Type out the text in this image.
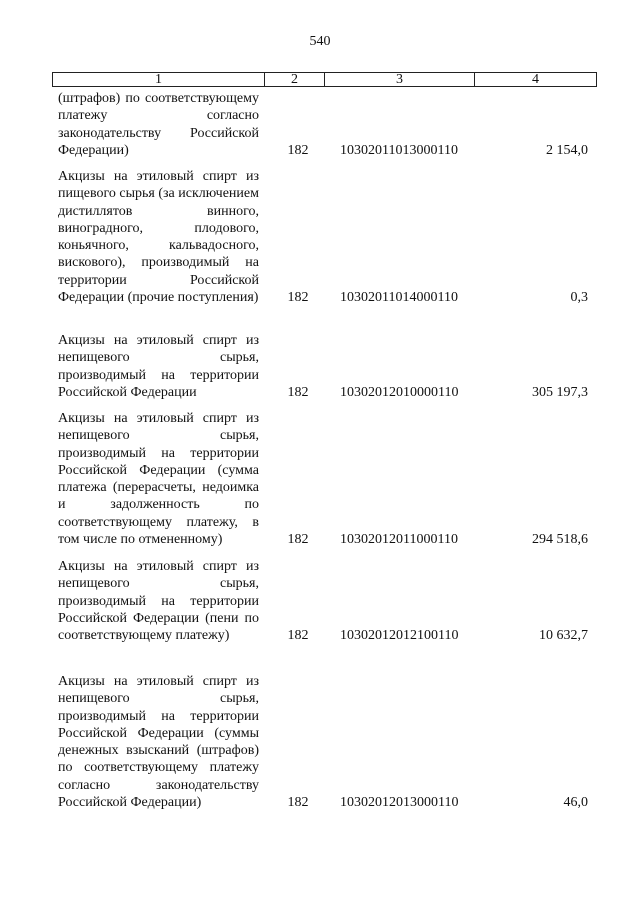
540
1	2	3	4
(штрафов) по соответствующему платежу согласно законодательству Российской Федерации)	182	10302011013000110	2 154,0
Акцизы на этиловый спирт из пищевого сырья (за исключением дистиллятов винного, виноградного, плодового, коньячного, кальвадосного, вискового), производимый на территории Российской Федерации (прочие поступления)	182	10302011014000110	0,3
Акцизы на этиловый спирт из непищевого сырья, производимый на территории Российской Федерации	182	10302012010000110	305 197,3
Акцизы на этиловый спирт из непищевого сырья, производимый на территории Российской Федерации (сумма платежа (перерасчеты, недоимка и задолженность по соответствующему платежу, в том числе по отмененному)	182	10302012011000110	294 518,6
Акцизы на этиловый спирт из непищевого сырья, производимый на территории Российской Федерации (пени по соответствующему платежу)	182	10302012012100110	10 632,7
Акцизы на этиловый спирт из непищевого сырья, производимый на территории Российской Федерации (суммы денежных взысканий (штрафов) по соответствующему платежу согласно законодательству Российской Федерации)	182	10302012013000110	46,0
